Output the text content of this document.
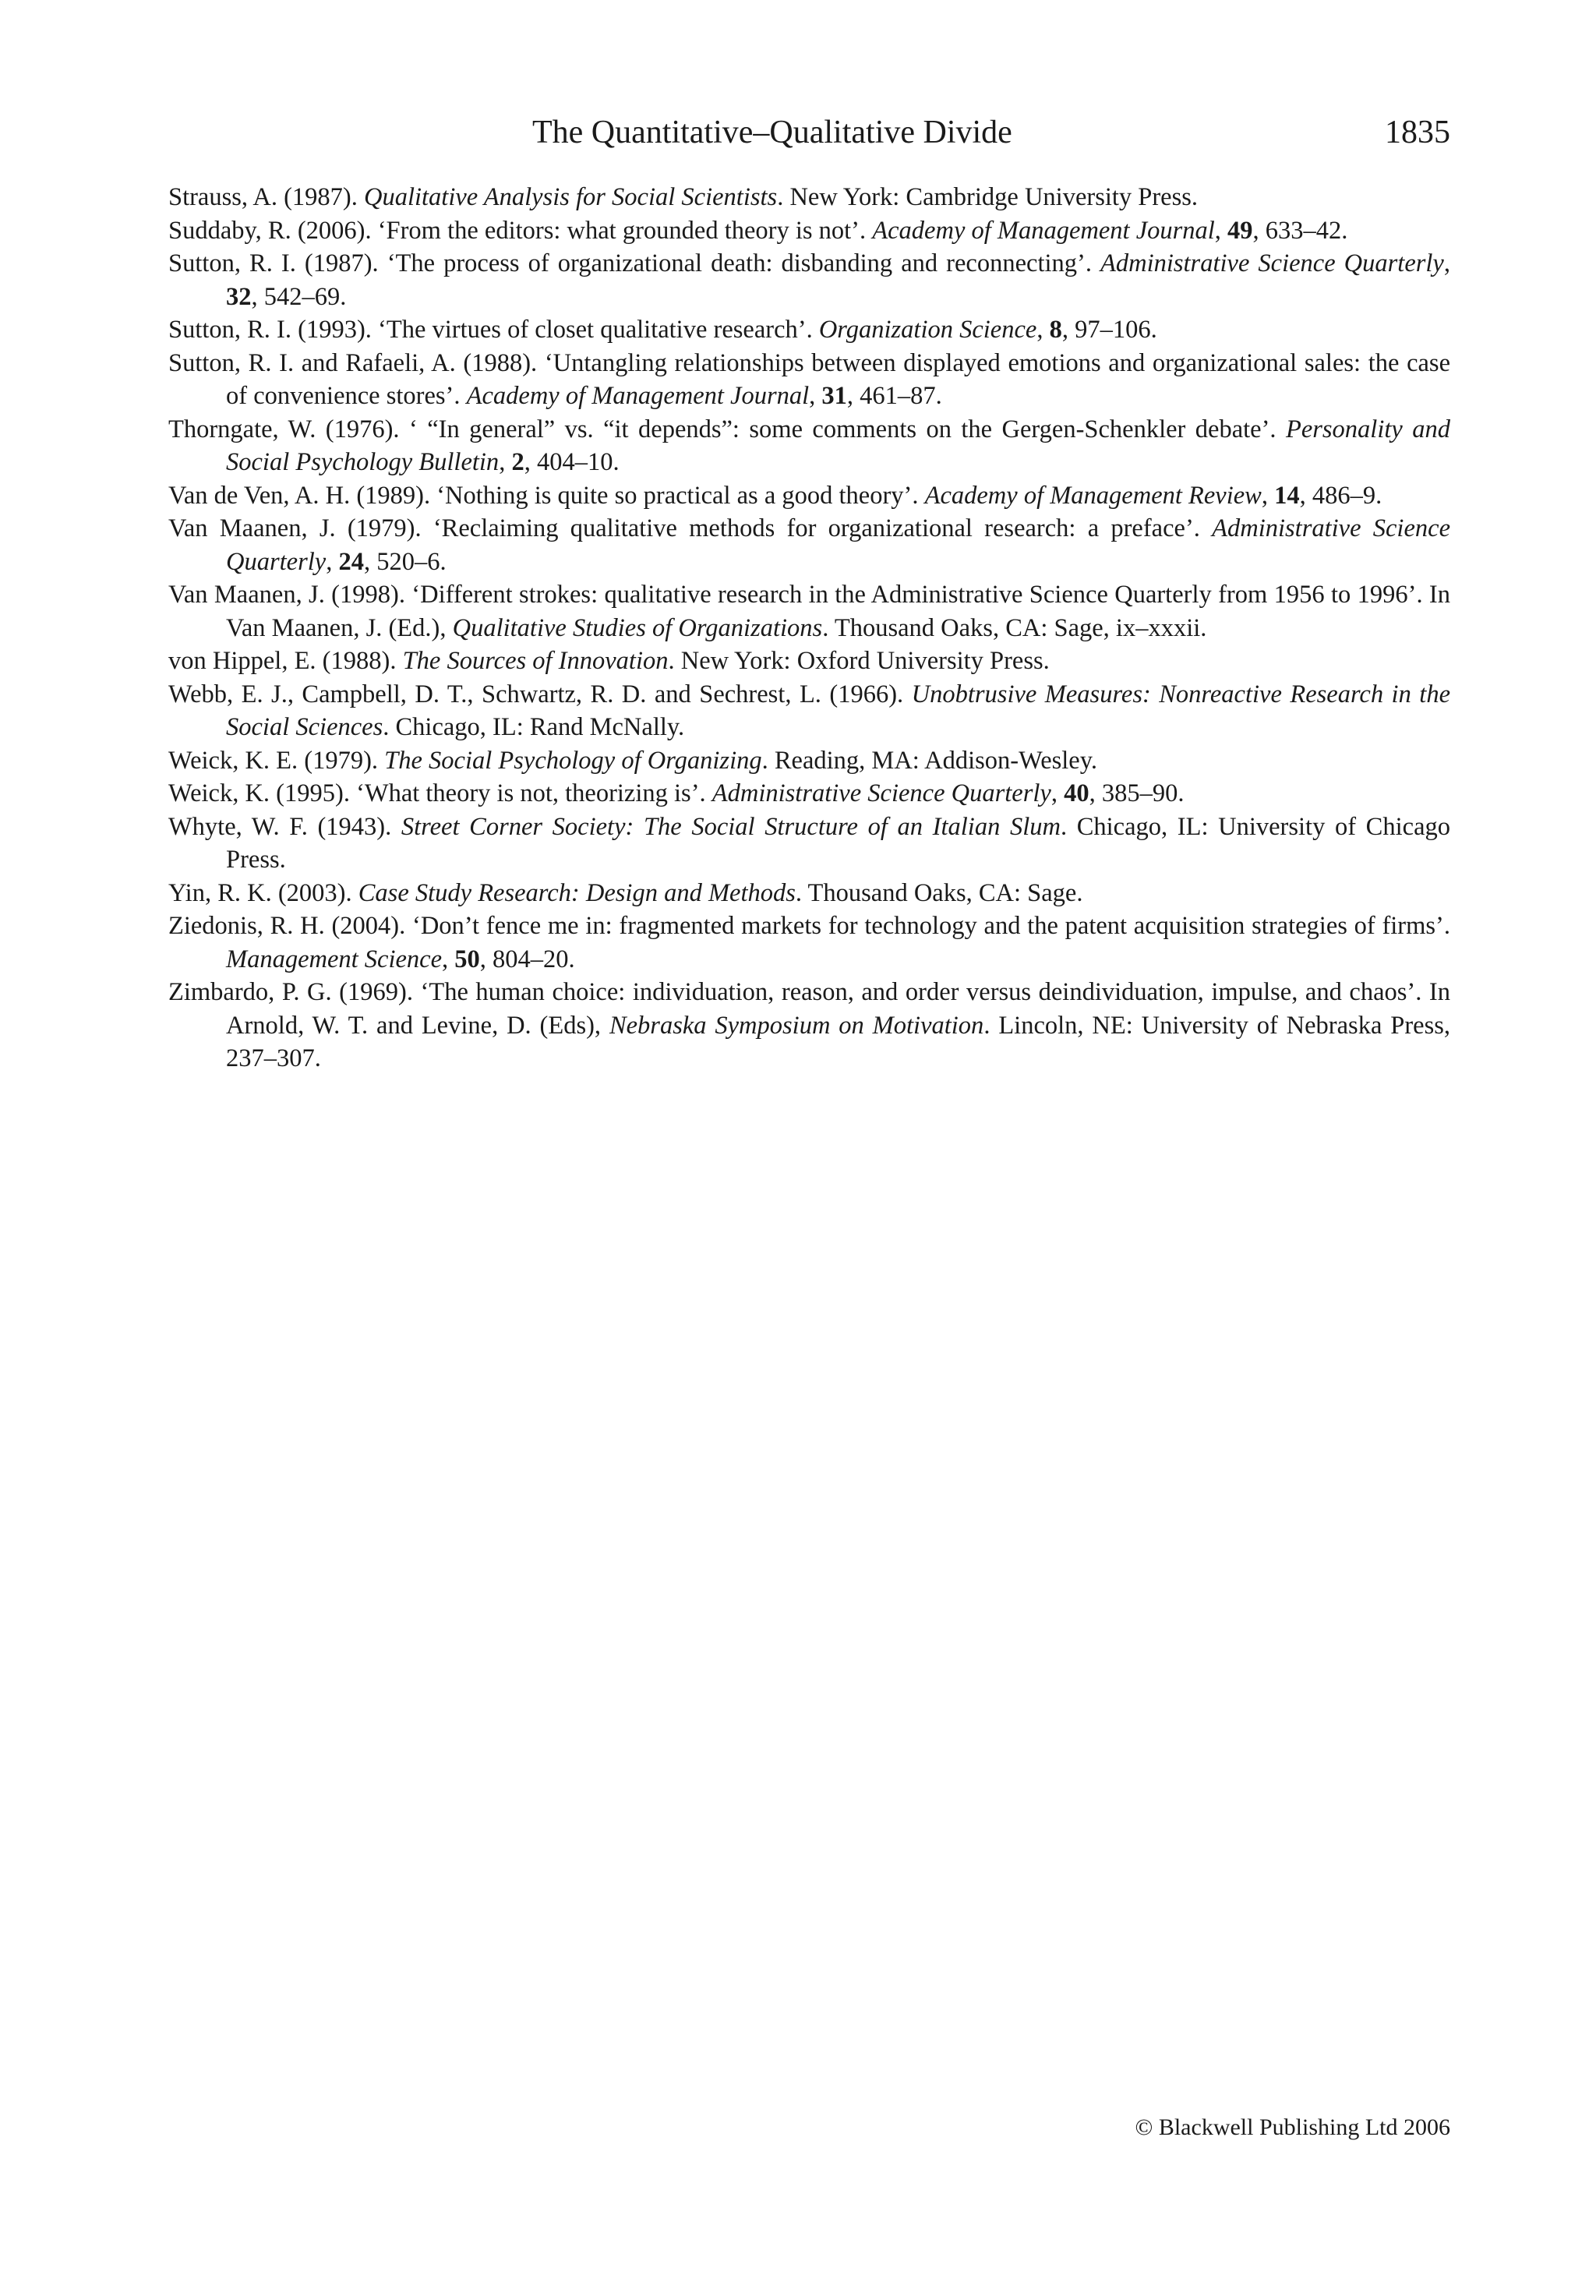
The Quantitative–Qualitative Divide	1835
Strauss, A. (1987). Qualitative Analysis for Social Scientists. New York: Cambridge University Press.
Suddaby, R. (2006). ‘From the editors: what grounded theory is not’. Academy of Management Journal, 49, 633–42.
Sutton, R. I. (1987). ‘The process of organizational death: disbanding and reconnecting’. Administrative Science Quarterly, 32, 542–69.
Sutton, R. I. (1993). ‘The virtues of closet qualitative research’. Organization Science, 8, 97–106.
Sutton, R. I. and Rafaeli, A. (1988). ‘Untangling relationships between displayed emotions and organizational sales: the case of convenience stores’. Academy of Management Journal, 31, 461–87.
Thorngate, W. (1976). ‘ “In general” vs. “it depends”: some comments on the Gergen-Schenkler debate’. Personality and Social Psychology Bulletin, 2, 404–10.
Van de Ven, A. H. (1989). ‘Nothing is quite so practical as a good theory’. Academy of Management Review, 14, 486–9.
Van Maanen, J. (1979). ‘Reclaiming qualitative methods for organizational research: a preface’. Administrative Science Quarterly, 24, 520–6.
Van Maanen, J. (1998). ‘Different strokes: qualitative research in the Administrative Science Quarterly from 1956 to 1996’. In Van Maanen, J. (Ed.), Qualitative Studies of Organizations. Thousand Oaks, CA: Sage, ix–xxxii.
von Hippel, E. (1988). The Sources of Innovation. New York: Oxford University Press.
Webb, E. J., Campbell, D. T., Schwartz, R. D. and Sechrest, L. (1966). Unobtrusive Measures: Nonreactive Research in the Social Sciences. Chicago, IL: Rand McNally.
Weick, K. E. (1979). The Social Psychology of Organizing. Reading, MA: Addison-Wesley.
Weick, K. (1995). ‘What theory is not, theorizing is’. Administrative Science Quarterly, 40, 385–90.
Whyte, W. F. (1943). Street Corner Society: The Social Structure of an Italian Slum. Chicago, IL: University of Chicago Press.
Yin, R. K. (2003). Case Study Research: Design and Methods. Thousand Oaks, CA: Sage.
Ziedonis, R. H. (2004). ‘Don’t fence me in: fragmented markets for technology and the patent acquisition strategies of firms’. Management Science, 50, 804–20.
Zimbardo, P. G. (1969). ‘The human choice: individuation, reason, and order versus deindividuation, impulse, and chaos’. In Arnold, W. T. and Levine, D. (Eds), Nebraska Symposium on Motivation. Lincoln, NE: University of Nebraska Press, 237–307.
© Blackwell Publishing Ltd 2006
